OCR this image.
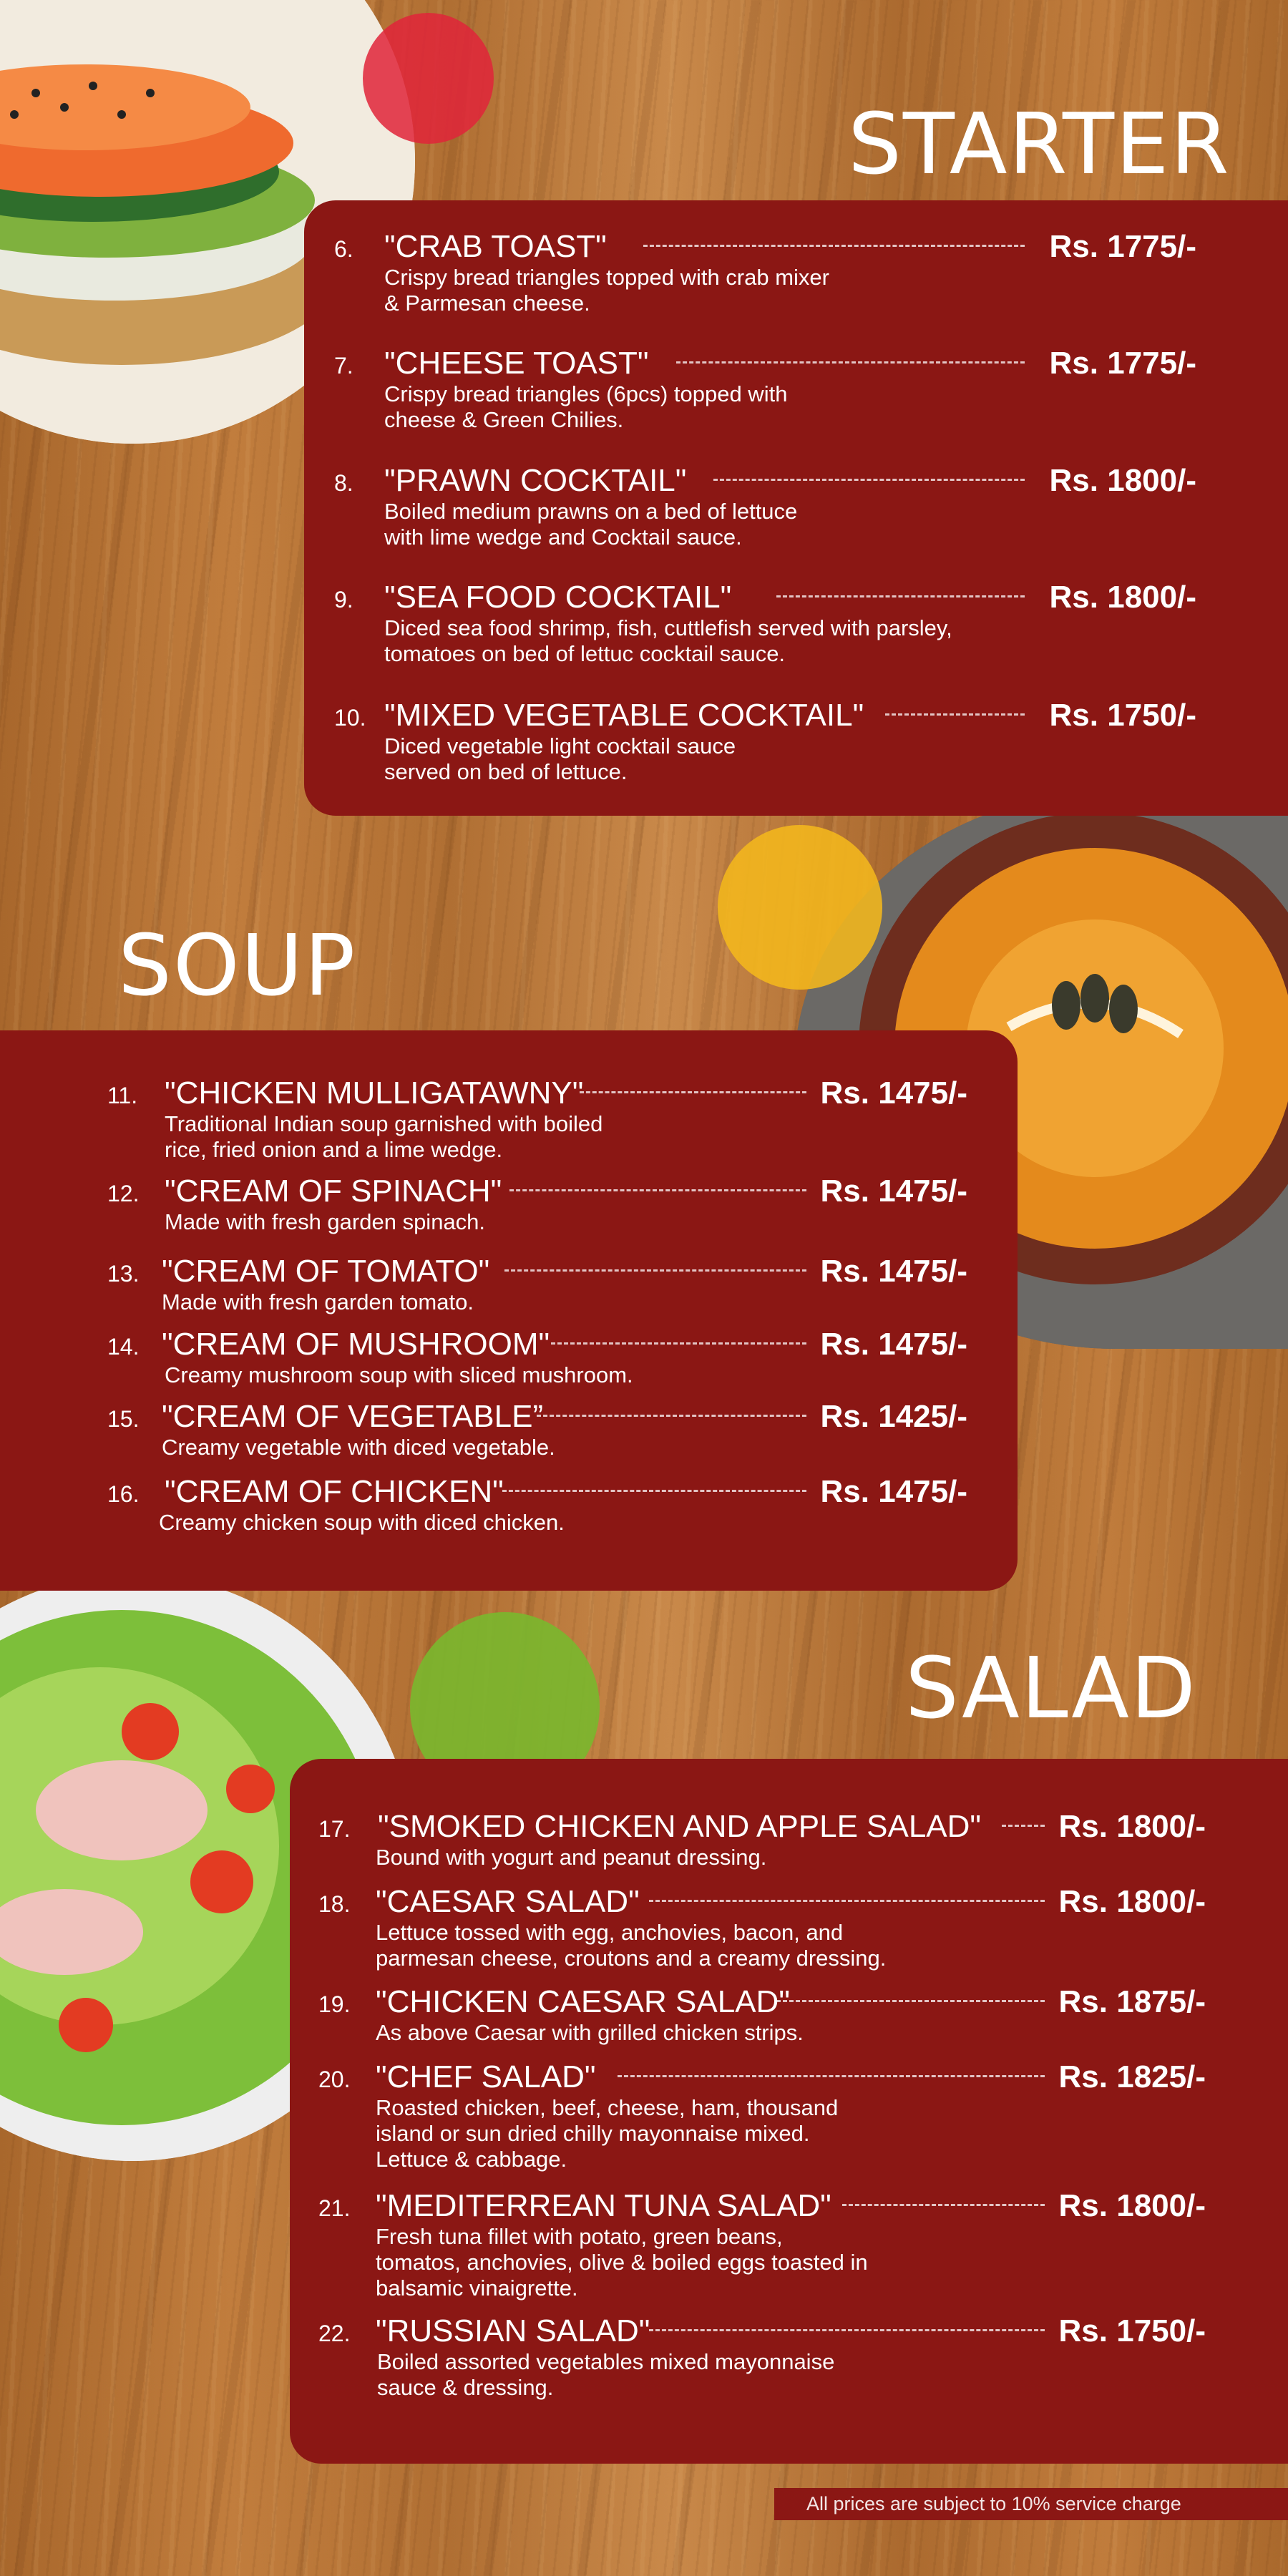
STARTER
6. "CRAB TOAST"	Rs. 1775/-
Crispy bread triangles topped with crab mixer
& Parmesan cheese.
7. "CHEESE TOAST"	Rs. 1775/-
Crispy bread triangles (6pcs) topped with
cheese & Green Chilies.
8. "PRAWN COCKTAIL"	Rs. 1800/-
Boiled medium prawns on a bed of lettuce
with lime wedge and Cocktail sauce.
9. "SEA FOOD COCKTAIL"	Rs. 1800/-
Diced sea food shrimp, fish, cuttlefish served with parsley,
tomatoes on bed of lettuc cocktail sauce.
10. "MIXED VEGETABLE COCKTAIL"	Rs. 1750/-
Diced vegetable light cocktail sauce
served on bed of lettuce.
SOUP
11. "CHICKEN MULLIGATAWNY"	Rs. 1475/-
Traditional Indian soup garnished with boiled
rice, fried onion and a lime wedge.
12. "CREAM OF SPINACH"	Rs. 1475/-
Made with fresh garden spinach.
13. "CREAM OF TOMATO"	Rs. 1475/-
Made with fresh garden tomato.
14. "CREAM OF MUSHROOM"	Rs. 1475/-
Creamy mushroom soup with sliced mushroom.
15. "CREAM OF VEGETABLE”	Rs. 1425/-
Creamy vegetable with diced vegetable.
16. "CREAM OF CHICKEN"	Rs. 1475/-
Creamy chicken soup with diced chicken.
SALAD
17. "SMOKED CHICKEN AND APPLE SALAD" Rs. 1800/-
Bound with yogurt and peanut dressing.
18. "CAESAR SALAD"	Rs. 1800/-
Lettuce tossed with egg, anchovies, bacon, and
parmesan cheese, croutons and a creamy dressing.
19. "CHICKEN CAESAR SALAD"	Rs. 1875/-
As above Caesar with grilled chicken strips.
20. "CHEF SALAD"	Rs. 1825/-
Roasted chicken, beef, cheese, ham, thousand
island or sun dried chilly mayonnaise mixed.
Lettuce & cabbage.
21. "MEDITERREAN TUNA SALAD"	Rs. 1800/-
Fresh tuna fillet with potato, green beans,
tomatos, anchovies, olive & boiled eggs toasted in
balsamic vinaigrette.
22. "RUSSIAN SALAD"	Rs. 1750/-
Boiled assorted vegetables mixed mayonnaise
sauce & dressing.
All prices are subject to 10% service charge
